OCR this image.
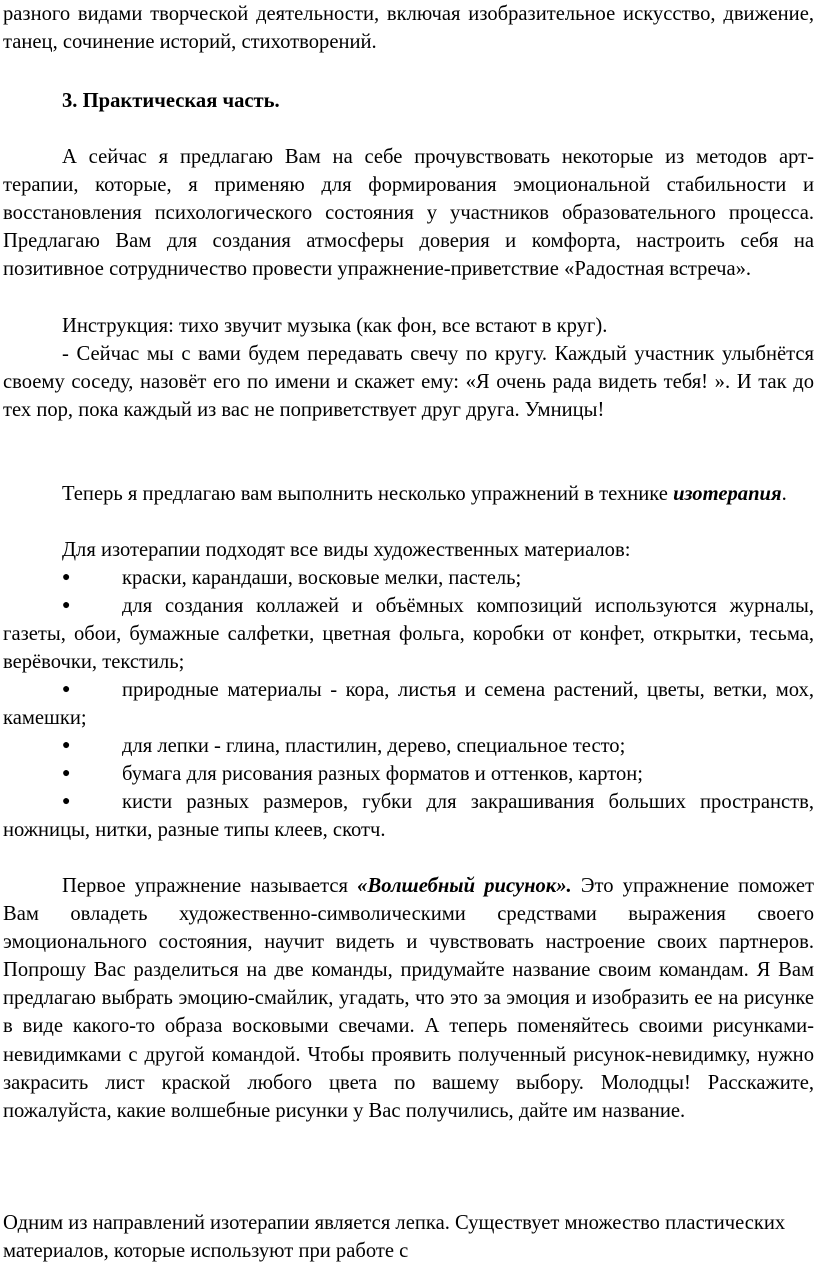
разного видами творческой деятельности, включая изобразительное искусство, движение, танец, сочинение историй, стихотворений.

3. Практическая часть.

А сейчас я предлагаю Вам на себе прочувствовать некоторые из методов арт-терапии, которые, я применяю для формирования эмоциональной стабильности и восстановления психологического состояния у участников образовательного процесса. Предлагаю Вам для создания атмосферы доверия и комфорта, настроить себя на позитивное сотрудничество провести упражнение-приветствие «Радостная встреча».

Инструкция: тихо звучит музыка (как фон, все встают в круг).

- Сейчас мы с вами будем передавать свечу по кругу. Каждый участник улыбнётся своему соседу, назовёт его по имени и скажет ему: «Я очень рада видеть тебя! ». И так до тех пор, пока каждый из вас не поприветствует друг друга. Умницы!

Теперь я предлагаю вам выполнить несколько упражнений в технике изотерапия.

Для изотерапии подходят все виды художественных материалов:

●	краски, карандаши, восковые мелки, пастель;

●	для создания коллажей и объёмных композиций используются журналы, газеты, обои, бумажные салфетки, цветная фольга, коробки от конфет, открытки, тесьма, верёвочки, текстиль;

●	природные материалы - кора, листья и семена растений, цветы, ветки, мох, камешки;

●	для лепки - глина, пластилин, дерево, специальное тесто;

●	бумага для рисования разных форматов и оттенков, картон;

●	кисти разных размеров, губки для закрашивания больших пространств, ножницы, нитки, разные типы клеев, скотч.

Первое упражнение называется «Волшебный рисунок». Это упражнение поможет Вам овладеть художественно-символическими средствами выражения своего эмоционального состояния, научит видеть и чувствовать настроение своих партнеров. Попрошу Вас разделиться на две команды, придумайте название своим командам. Я Вам предлагаю выбрать эмоцию-смайлик, угадать, что это за эмоция и изобразить ее на рисунке в виде какого-то образа восковыми свечами. А теперь поменяйтесь своими рисунками-невидимками с другой командой. Чтобы проявить полученный рисунок-невидимку, нужно закрасить лист краской любого цвета по вашему выбору. Молодцы! Расскажите, пожалуйста, какие волшебные рисунки у Вас получились, дайте им название.

Одним из направлений изотерапии является лепка. Существует множество пластических материалов, которые используют при работе с
